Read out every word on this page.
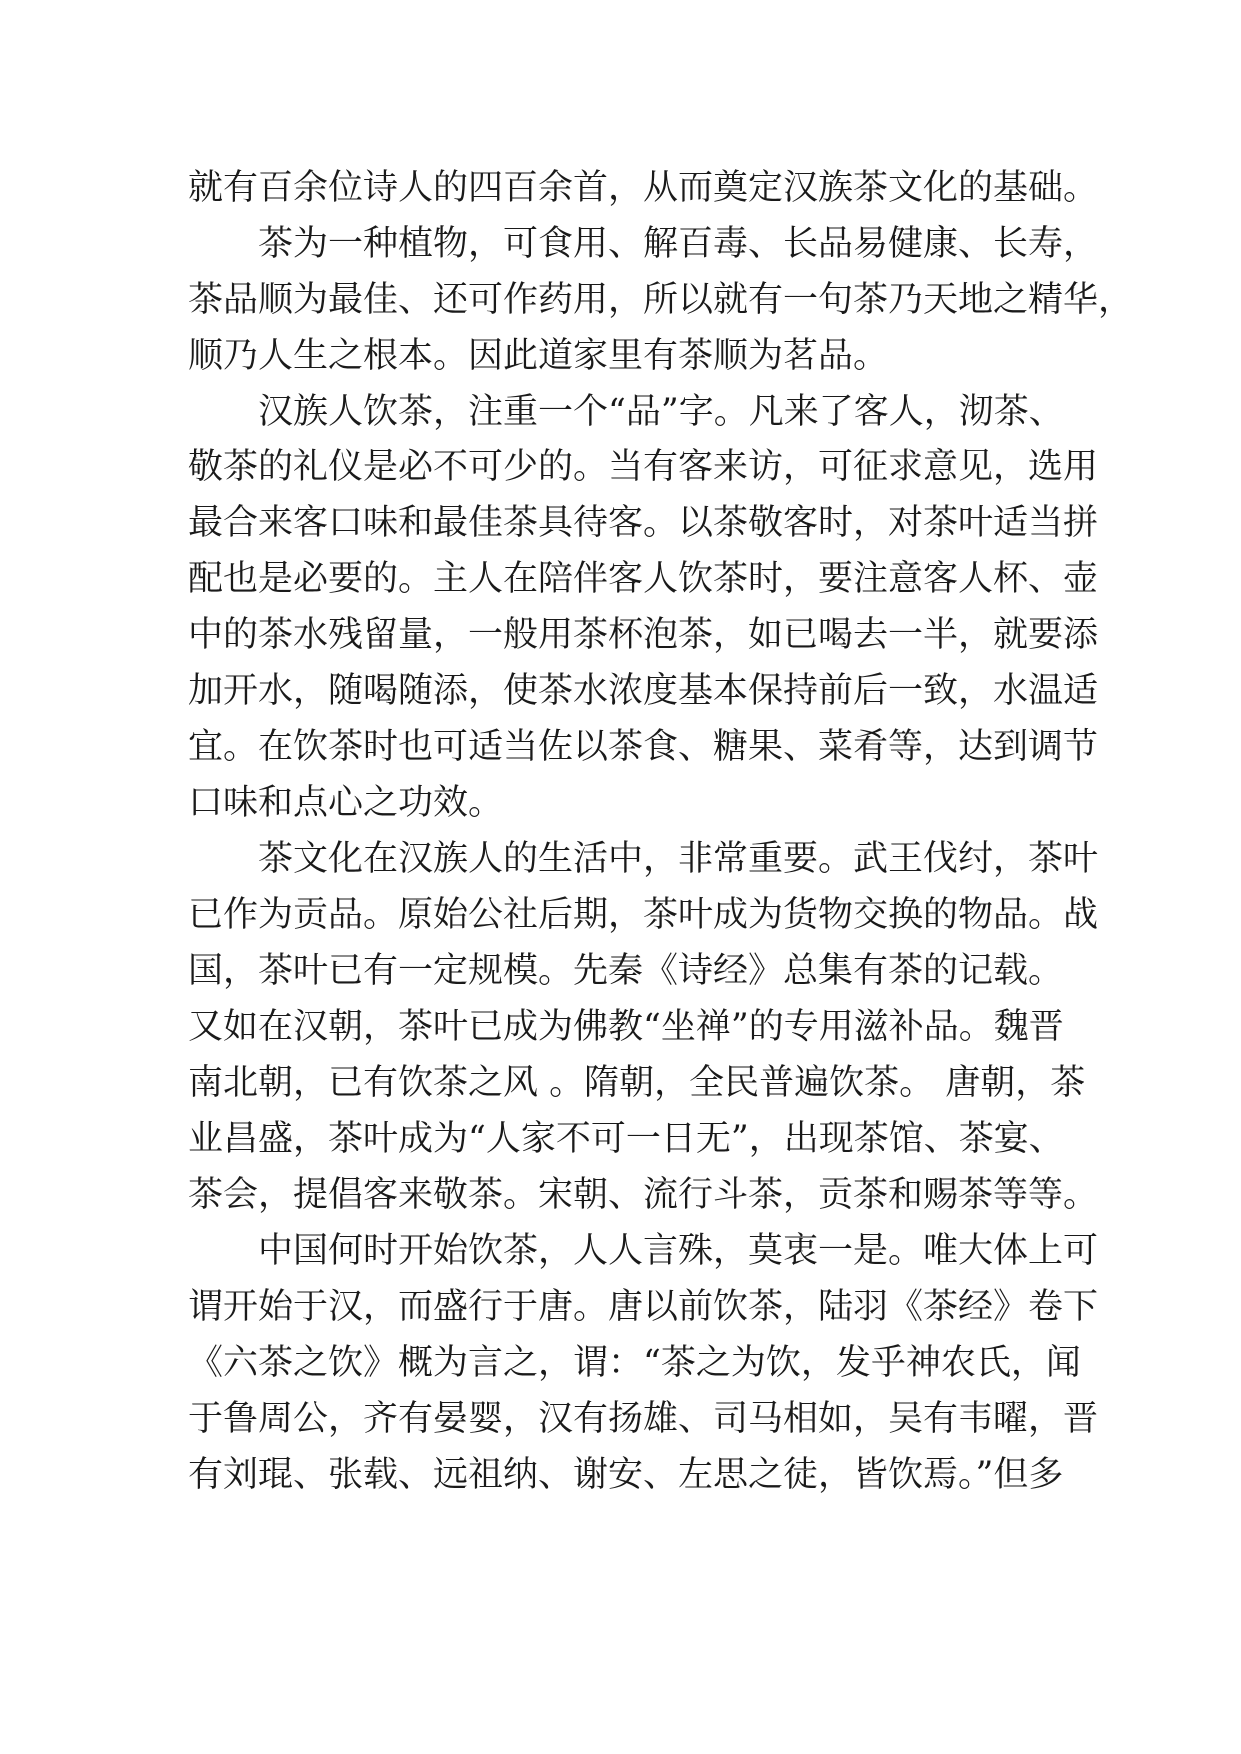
就有百余位诗人的四百余首，从而奠定汉族茶文化的基础。
茶为一种植物，可食用、解百毒、长品易健康、长寿，
茶品顺为最佳、还可作药用，所以就有一句茶乃天地之精华，
顺乃人生之根本。因此道家里有茶顺为茗品。
汉族人饮茶，注重一个“品”字。凡来了客人，沏茶、
敬茶的礼仪是必不可少的。当有客来访，可征求意见，选用
最合来客口味和最佳茶具待客。以茶敬客时，对茶叶适当拼
配也是必要的。主人在陪伴客人饮茶时，要注意客人杯、壶
中的茶水残留量，一般用茶杯泡茶，如已喝去一半，就要添
加开水，随喝随添，使茶水浓度基本保持前后一致，水温适
宜。在饮茶时也可适当佐以茶食、糖果、菜肴等，达到调节
口味和点心之功效。
茶文化在汉族人的生活中，非常重要。武王伐纣，茶叶
已作为贡品。原始公社后期，茶叶成为货物交换的物品。战
国，茶叶已有一定规模。先秦《诗经》总集有茶的记载。
又如在汉朝，茶叶已成为佛教“坐禅”的专用滋补品。魏晋
南北朝，已有饮茶之风 。隋朝，全民普遍饮茶。 唐朝，茶
业昌盛，茶叶成为“人家不可一日无”，出现茶馆、茶宴、
茶会，提倡客来敬茶。宋朝、流行斗茶，贡茶和赐茶等等。
中国何时开始饮茶，人人言殊，莫衷一是。唯大体上可
谓开始于汉，而盛行于唐。唐以前饮茶，陆羽《茶经》卷下
《六茶之饮》概为言之，谓：“茶之为饮，发乎神农氏，闻
于鲁周公，齐有晏婴，汉有扬雄、司马相如，吴有韦曜，晋
有刘琨、张载、远祖纳、谢安、左思之徒，皆饮焉。”但多
